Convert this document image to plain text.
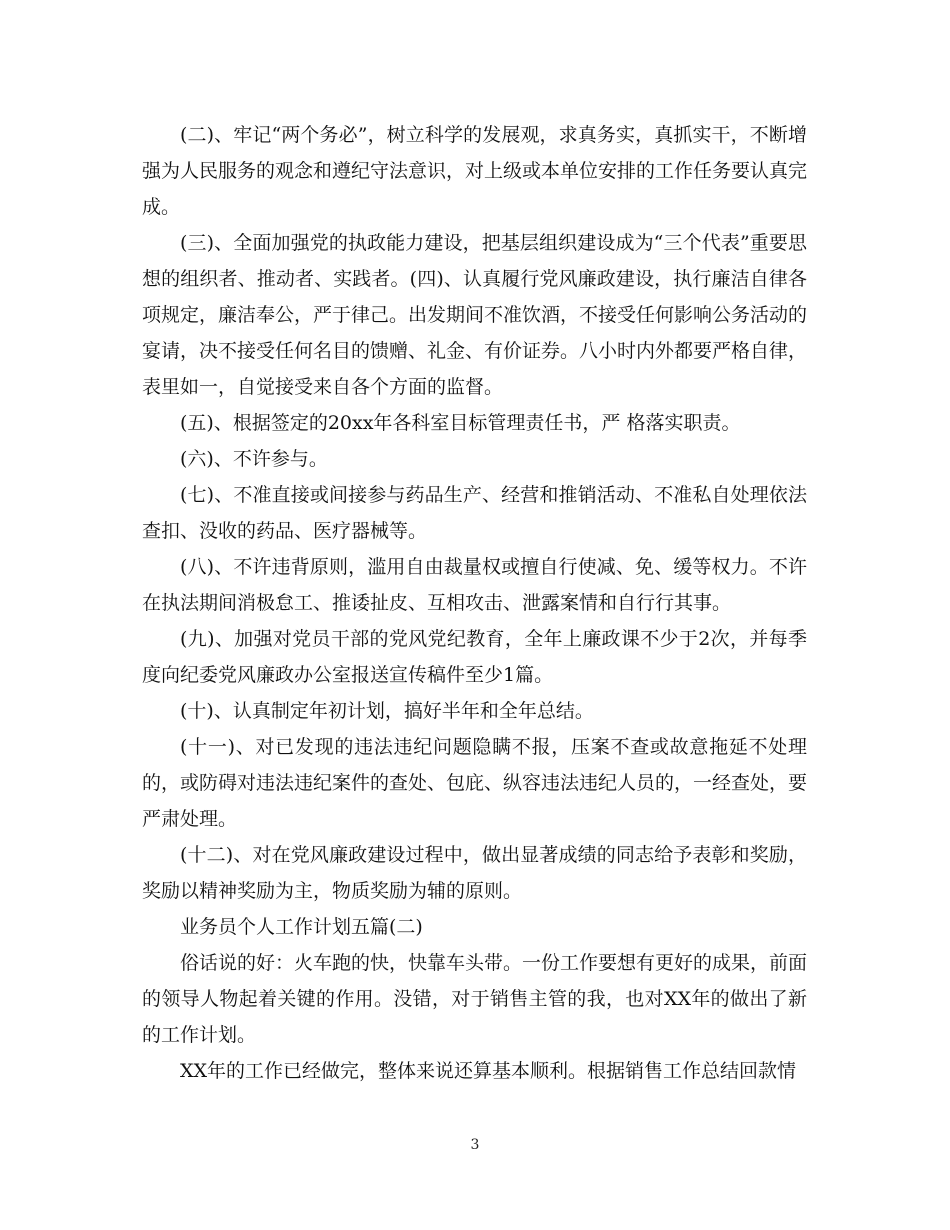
(二)、牢记“两个务必”，树立科学的发展观，求真务实，真抓实干，不断增强为人民服务的观念和遵纪守法意识，对上级或本单位安排的工作任务要认真完成。

(三)、全面加强党的执政能力建设，把基层组织建设成为“三个代表”重要思想的组织者、推动者、实践者。(四)、认真履行党风廉政建设，执行廉洁自律各项规定，廉洁奉公，严于律己。出发期间不准饮酒，不接受任何影响公务活动的宴请，决不接受任何名目的馈赠、礼金、有价证券。八小时内外都要严格自律，表里如一，自觉接受来自各个方面的监督。

(五)、根据签定的20xx年各科室目标管理责任书，严 格落实职责。

(六)、不许参与。

(七)、不准直接或间接参与药品生产、经营和推销活动、不准私自处理依法查扣、没收的药品、医疗器械等。

(八)、不许违背原则，滥用自由裁量权或擅自行使减、免、缓等权力。不许在执法期间消极怠工、推诿扯皮、互相攻击、泄露案情和自行行其事。

(九)、加强对党员干部的党风党纪教育，全年上廉政课不少于2次，并每季度向纪委党风廉政办公室报送宣传稿件至少1篇。

(十)、认真制定年初计划，搞好半年和全年总结。

(十一)、对已发现的违法违纪问题隐瞒不报，压案不查或故意拖延不处理的，或防碍对违法违纪案件的查处、包庇、纵容违法违纪人员的，一经查处，要严肃处理。

(十二)、对在党风廉政建设过程中，做出显著成绩的同志给予表彰和奖励，奖励以精神奖励为主，物质奖励为辅的原则。

业务员个人工作计划五篇(二)

俗话说的好：火车跑的快，快靠车头带。一份工作要想有更好的成果，前面的领导人物起着关键的作用。没错，对于销售主管的我，也对XX年的做出了新的工作计划。

XX年的工作已经做完，整体来说还算基本顺利。根据销售工作总结回款情

3
